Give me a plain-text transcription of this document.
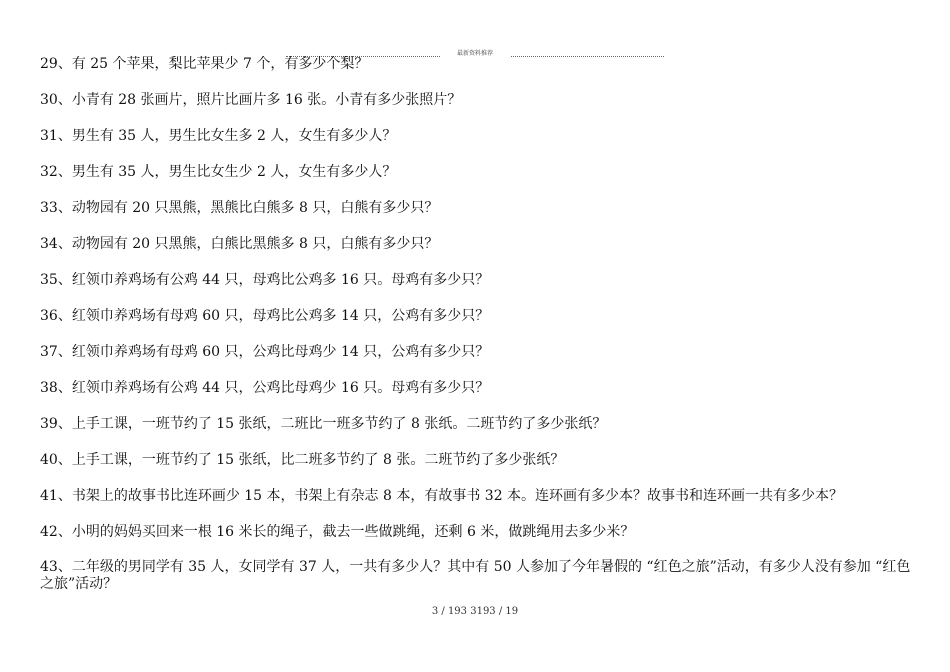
最新资料推荐
29、有 25 个苹果，梨比苹果少 7 个，有多少个梨？
30、小青有 28 张画片，照片比画片多 16 张。小青有多少张照片？
31、男生有 35 人，男生比女生多 2 人，女生有多少人？
32、男生有 35 人，男生比女生少 2 人，女生有多少人？
33、动物园有 20 只黑熊，黑熊比白熊多 8 只，白熊有多少只？
34、动物园有 20 只黑熊，白熊比黑熊多 8 只，白熊有多少只？
35、红领巾养鸡场有公鸡 44 只，母鸡比公鸡多 16 只。母鸡有多少只？
36、红领巾养鸡场有母鸡 60 只，母鸡比公鸡多 14 只，公鸡有多少只？
37、红领巾养鸡场有母鸡 60 只，公鸡比母鸡少 14 只，公鸡有多少只？
38、红领巾养鸡场有公鸡 44 只，公鸡比母鸡少 16 只。母鸡有多少只？
39、上手工课，一班节约了 15 张纸，二班比一班多节约了 8 张纸。二班节约了多少张纸？
40、上手工课，一班节约了 15 张纸，比二班多节约了 8 张。二班节约了多少张纸？
41、书架上的故事书比连环画少 15 本，书架上有杂志 8 本，有故事书 32 本。连环画有多少本？故事书和连环画一共有多少本？
42、小明的妈妈买回来一根 16 米长的绳子，截去一些做跳绳，还剩 6 米，做跳绳用去多少米？
43、二年级的男同学有 35 人，女同学有 37 人，一共有多少人？其中有 50 人参加了今年暑假的 “红色之旅”活动，有多少人没有参加 “红色之旅”活动？
3 / 193 3193 / 19
